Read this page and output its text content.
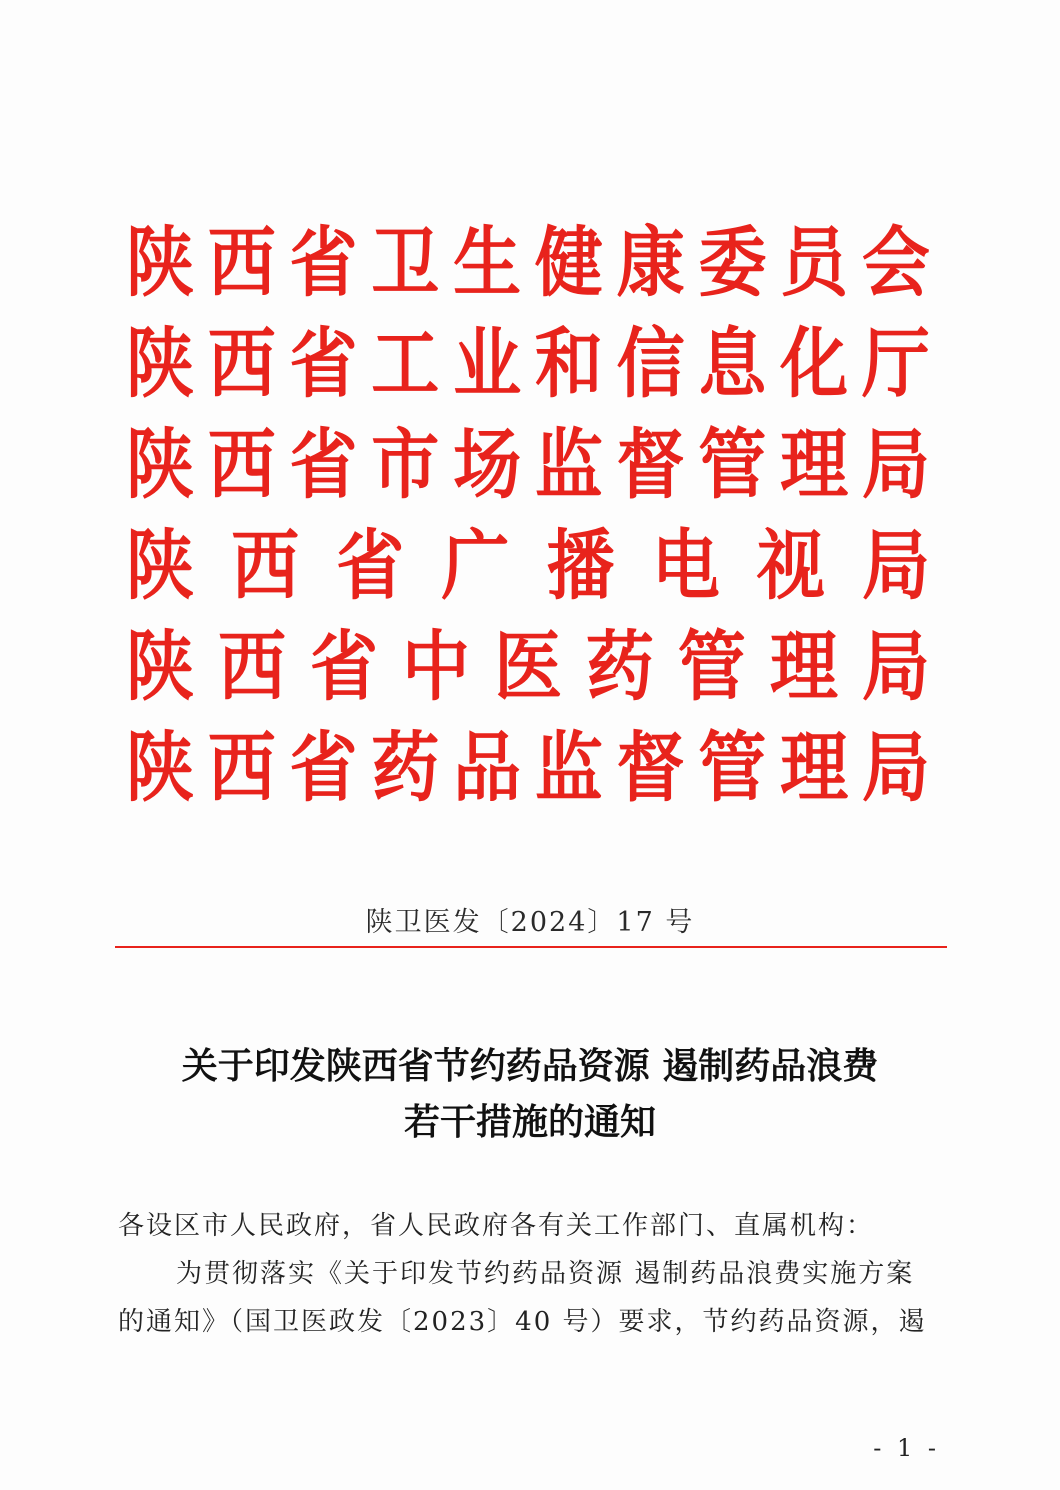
陕 西 省 卫 生 健 康 委 员 会
陕 西 省 工 业 和 信 息 化 厅
陕 西 省 市 场 监 督 管 理 局
陕 西 省 广 播 电 视 局
陕 西 省 中 医 药 管 理 局
陕 西 省 药 品 监 督 管 理 局
陕卫医发〔2024〕17 号
关于印发陕西省节约药品资源 遏制药品浪费
若干措施的通知

各设区市人民政府，省人民政府各有关工作部门、直属机构：

为贯彻落实《关于印发节约药品资源 遏制药品浪费实施方案

的通知》（国卫医政发〔2023〕40 号）要求，节约药品资源，遏

- 1 -
